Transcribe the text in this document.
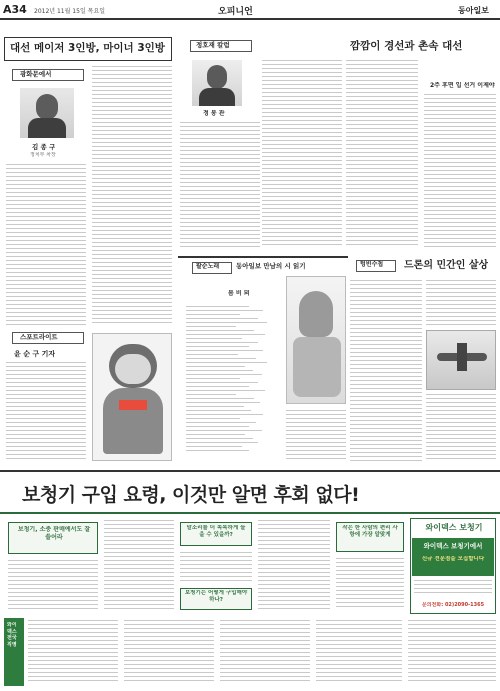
A34 2012년 11월 15일 목요일	오피니언	동아일보
대선 메이저 3인방, 마이너 3인방
광화문에서
김 종 구
정치부 차장
스포트라이트
윤 순 구 기자
정호재 칼럼
정 봉 관
깜깜이 경선과 촌속 대선
2주 후면 입 선거 이제야
팔순노래	동아일보 만남의 시 읽기
봄 비 뫼
텅빈수첩 드론의 민간인 살상
보청기 구입 요령, 이것만 알면 후회 없다!
보청기, 소중 판매에서도 잘 쓸어라
말소리를 더 똑똑하게 들을 수 있을까?
보청기는 어떻게 구입해야 하나?
작은 한 사람의 편리 사항에 가장 알맞게
와이덱스 보청기
와이덱스 보청기에서
신규 전문점을 모집합니다
문의전화: 02)2090-1365
와이덱스 전국 직영
